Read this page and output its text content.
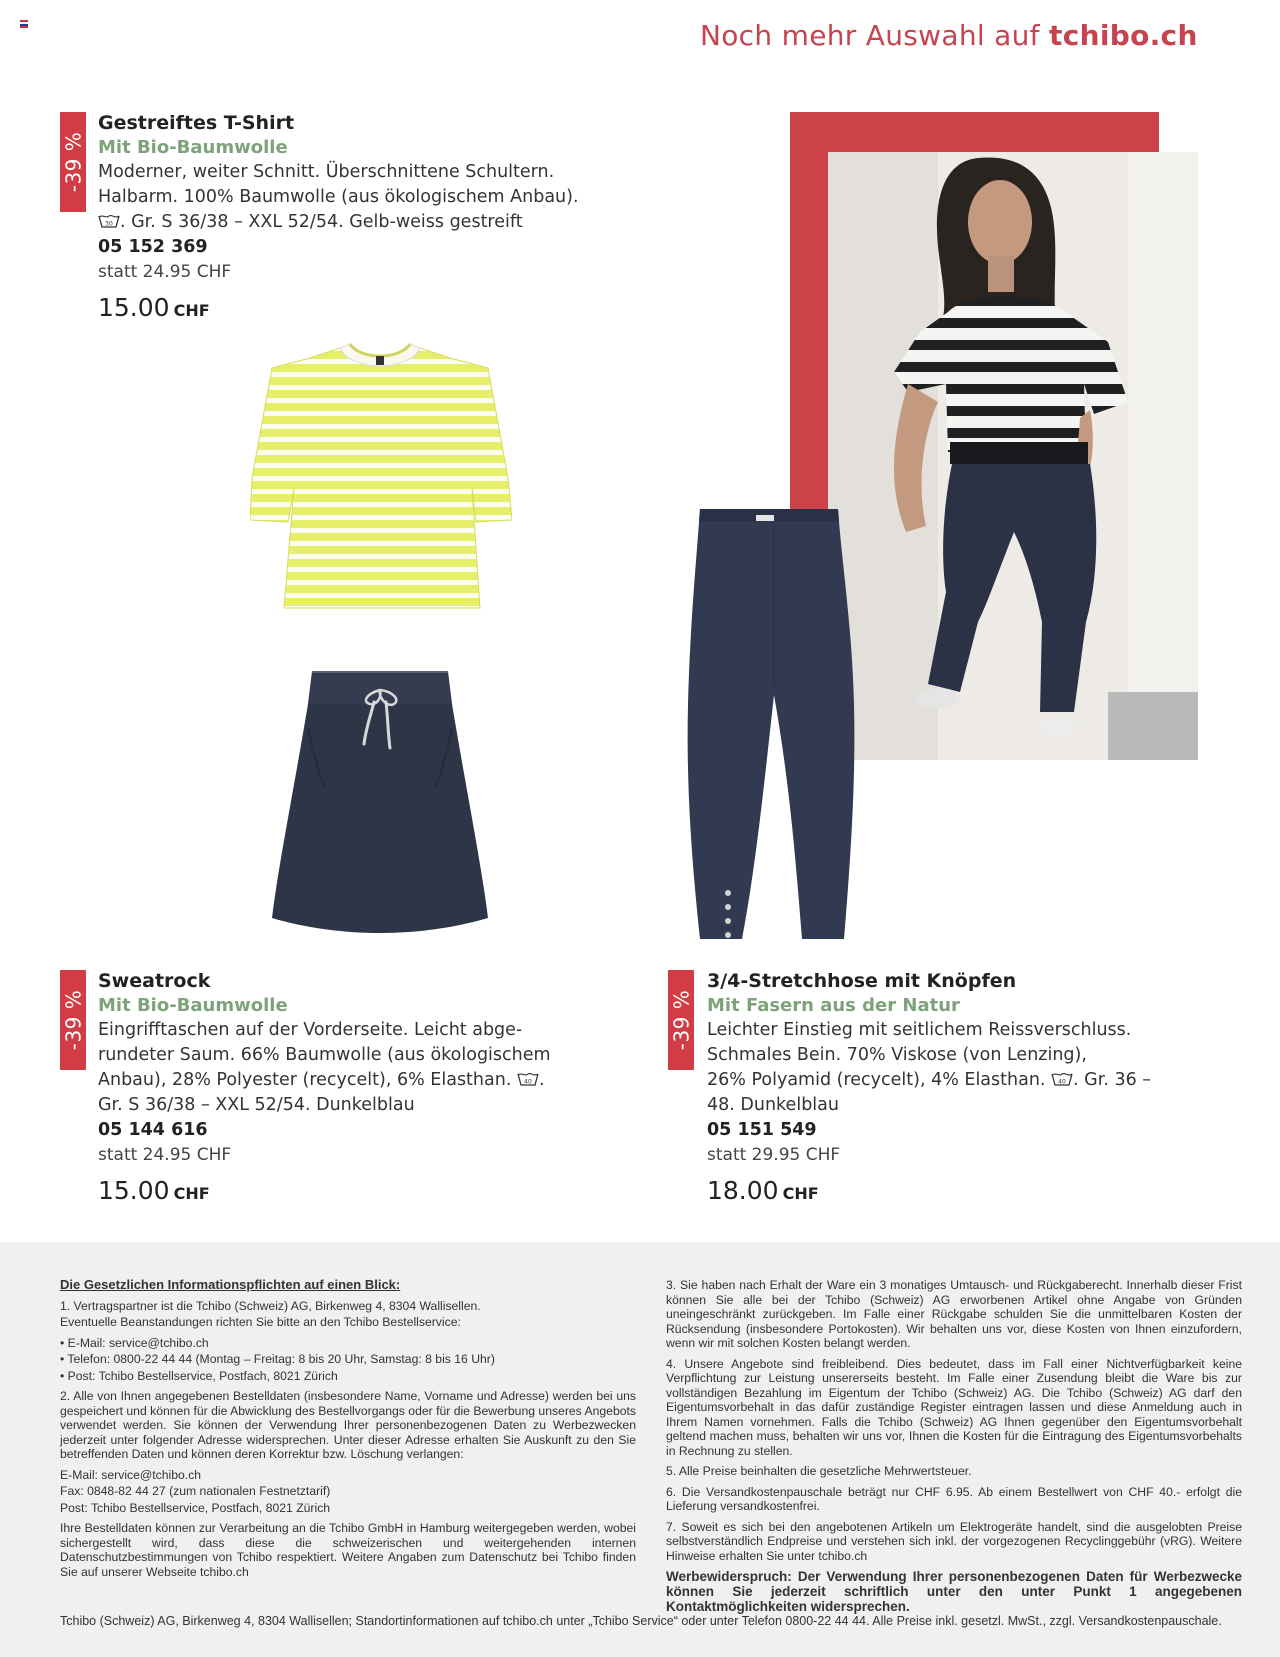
Noch mehr Auswahl auf tchibo.ch
-39 %
Gestreiftes T-Shirt
Mit Bio-Baumwolle
Moderner, weiter Schnitt. Überschnittene Schultern.
Halbarm. 100% Baumwolle (aus ökologischem Anbau).
30 . Gr. S 36/38 – XXL 52/54. Gelb-weiss gestreift
05 152 369
statt 24.95 CHF
15.00 CHF
-39 %
Sweatrock
Mit Bio-Baumwolle
Eingrifftaschen auf der Vorderseite. Leicht abge-
rundeter Saum. 66% Baumwolle (aus ökologischem
Anbau), 28% Polyester (recycelt), 6% Elasthan. 40 .
Gr. S 36/38 – XXL 52/54. Dunkelblau
05 144 616
statt 24.95 CHF
15.00 CHF
-39 %
3/4-Stretchhose mit Knöpfen
Mit Fasern aus der Natur
Leichter Einstieg mit seitlichem Reissverschluss.
Schmales Bein. 70% Viskose (von Lenzing),
26% Polyamid (recycelt), 4% Elasthan. 40 . Gr. 36 –
48. Dunkelblau
05 151 549
statt 29.95 CHF
18.00 CHF
Die Gesetzlichen Informationspflichten auf einen Blick:

1. Vertragspartner ist die Tchibo (Schweiz) AG, Birkenweg 4, 8304 Wallisellen.

Eventuelle Beanstandungen richten Sie bitte an den Tchibo Bestellservice:

• E-Mail: service@tchibo.ch

• Telefon: 0800-22 44 44 (Montag – Freitag: 8 bis 20 Uhr, Samstag: 8 bis 16 Uhr)

• Post: Tchibo Bestellservice, Postfach, 8021 Zürich

2. Alle von Ihnen angegebenen Bestelldaten (insbesondere Name, Vorname und Adresse) werden bei uns gespeichert und können für die Abwicklung des Bestellvorgangs oder für die Bewerbung unseres Angebots verwendet werden. Sie können der Verwendung Ihrer personenbezogenen Daten zu Werbezwecken jederzeit unter folgender Adresse widersprechen. Unter dieser Adresse erhalten Sie Auskunft zu den Sie betreffenden Daten und können deren Korrektur bzw. Löschung verlangen:

E-Mail: service@tchibo.ch

Fax: 0848-82 44 27 (zum nationalen Festnetztarif)

Post: Tchibo Bestellservice, Postfach, 8021 Zürich

Ihre Bestelldaten können zur Verarbeitung an die Tchibo GmbH in Hamburg weitergegeben werden, wobei sichergestellt wird, dass diese die schweizerischen und weitergehenden internen Datenschutzbestimmungen von Tchibo respektiert. Weitere Angaben zum Datenschutz bei Tchibo finden Sie auf unserer Webseite tchibo.ch

3. Sie haben nach Erhalt der Ware ein 3 monatiges Umtausch- und Rückgaberecht. Innerhalb dieser Frist können Sie alle bei der Tchibo (Schweiz) AG erworbenen Artikel ohne Angabe von Gründen uneingeschränkt zurückgeben. Im Falle einer Rückgabe schulden Sie die unmittelbaren Kosten der Rücksendung (insbesondere Portokosten). Wir behalten uns vor, diese Kosten von Ihnen einzufordern, wenn wir mit solchen Kosten belangt werden.

4. Unsere Angebote sind freibleibend. Dies bedeutet, dass im Fall einer Nichtverfügbarkeit keine Verpflichtung zur Leistung unsererseits besteht. Im Falle einer Zusendung bleibt die Ware bis zur vollständigen Bezahlung im Eigentum der Tchibo (Schweiz) AG. Die Tchibo (Schweiz) AG darf den Eigentumsvorbehalt in das dafür zuständige Register eintragen lassen und diese Anmeldung auch in Ihrem Namen vornehmen. Falls die Tchibo (Schweiz) AG Ihnen gegenüber den Eigentumsvorbehalt geltend machen muss, behalten wir uns vor, Ihnen die Kosten für die Eintragung des Eigentumsvorbehalts in Rechnung zu stellen.

5. Alle Preise beinhalten die gesetzliche Mehrwertsteuer.

6. Die Versandkostenpauschale beträgt nur CHF 6.95. Ab einem Bestellwert von CHF 40.- erfolgt die Lieferung versandkostenfrei.

7. Soweit es sich bei den angebotenen Artikeln um Elektrogeräte handelt, sind die ausgelobten Preise selbstverständlich Endpreise und verstehen sich inkl. der vorgezogenen Recyclinggebühr (vRG). Weitere Hinweise erhalten Sie unter tchibo.ch

Werbewiderspruch: Der Verwendung Ihrer personenbezogenen Daten für Werbezwecke können Sie jederzeit schriftlich unter den unter Punkt 1 angegebenen Kontaktmöglichkeiten widersprechen.

Tchibo (Schweiz) AG, Birkenweg 4, 8304 Wallisellen; Standortinformationen auf tchibo.ch unter „Tchibo Service“ oder unter Telefon 0800-22 44 44. Alle Preise inkl. gesetzl. MwSt., zzgl. Versandkostenpauschale.
